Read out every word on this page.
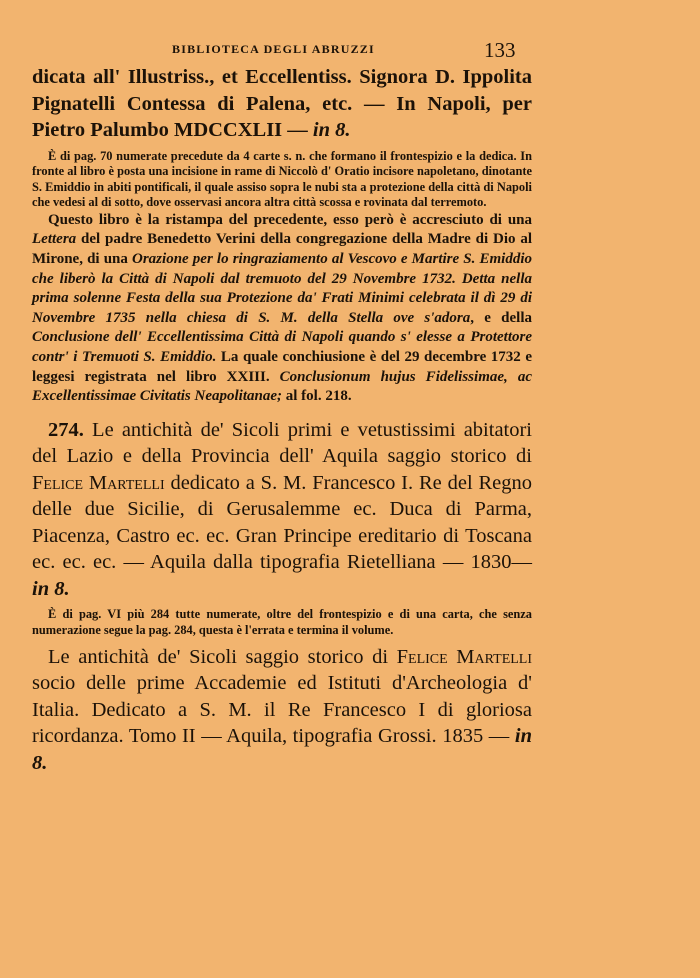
BIBLIOTECA DEGLI ABRUZZI	133

dicata all' Illustriss., et Eccellentiss. Signora D. Ippolita Pignatelli Contessa di Palena, etc. — In Napoli, per Pietro Palumbo MDCCXLII — in 8.

È di pag. 70 numerate precedute da 4 carte s. n. che formano il frontespizio e la dedica. In fronte al libro è posta una incisione in rame di Niccolò d' Oratio incisore napoletano, dinotante S. Emiddio in abiti pontificali, il quale assiso sopra le nubi sta a protezione della città di Napoli che vedesi al di sotto, dove osservasi ancora altra città scossa e rovinata dal terremoto.

Questo libro è la ristampa del precedente, esso però è accresciuto di una Lettera del padre Benedetto Verini della congregazione della Madre di Dio al Mirone, di una Orazione per lo ringraziamento al Vescovo e Martire S. Emiddio che liberò la Città di Napoli dal tremuoto del 29 Novembre 1732. Detta nella prima solenne Festa della sua Protezione da' Frati Minimi celebrata il dì 29 di Novembre 1735 nella chiesa di S. M. della Stella ove s'adora, e della Conclusione dell' Eccellentissima Città di Napoli quando s' elesse a Protettore contr' i Tremuoti S. Emiddio. La quale conchiusione è del 29 decembre 1732 e leggesi registrata nel libro XXIII. Conclusionum hujus Fidelissimae, ac Excellentissimae Civitatis Neapolitanae; al fol. 218.

274. Le antichità de' Sicoli primi e vetustissimi abitatori del Lazio e della Provincia dell' Aquila saggio storico di Felice Martelli dedicato a S. M. Francesco I. Re del Regno delle due Sicilie, di Gerusalemme ec. Duca di Parma, Piacenza, Castro ec. ec. Gran Principe ereditario di Toscana ec. ec. ec. — Aquila dalla tipografia Rietelliana — 1830— in 8.

È di pag. VI più 284 tutte numerate, oltre del frontespizio e di una carta, che senza numerazione segue la pag. 284, questa è l'errata e termina il volume.

Le antichità de' Sicoli saggio storico di Felice Martelli socio delle prime Accademie ed Istituti d'Archeologia d' Italia. Dedicato a S. M. il Re Francesco I di gloriosa ricordanza. Tomo II — Aquila, tipografia Grossi. 1835 — in 8.
